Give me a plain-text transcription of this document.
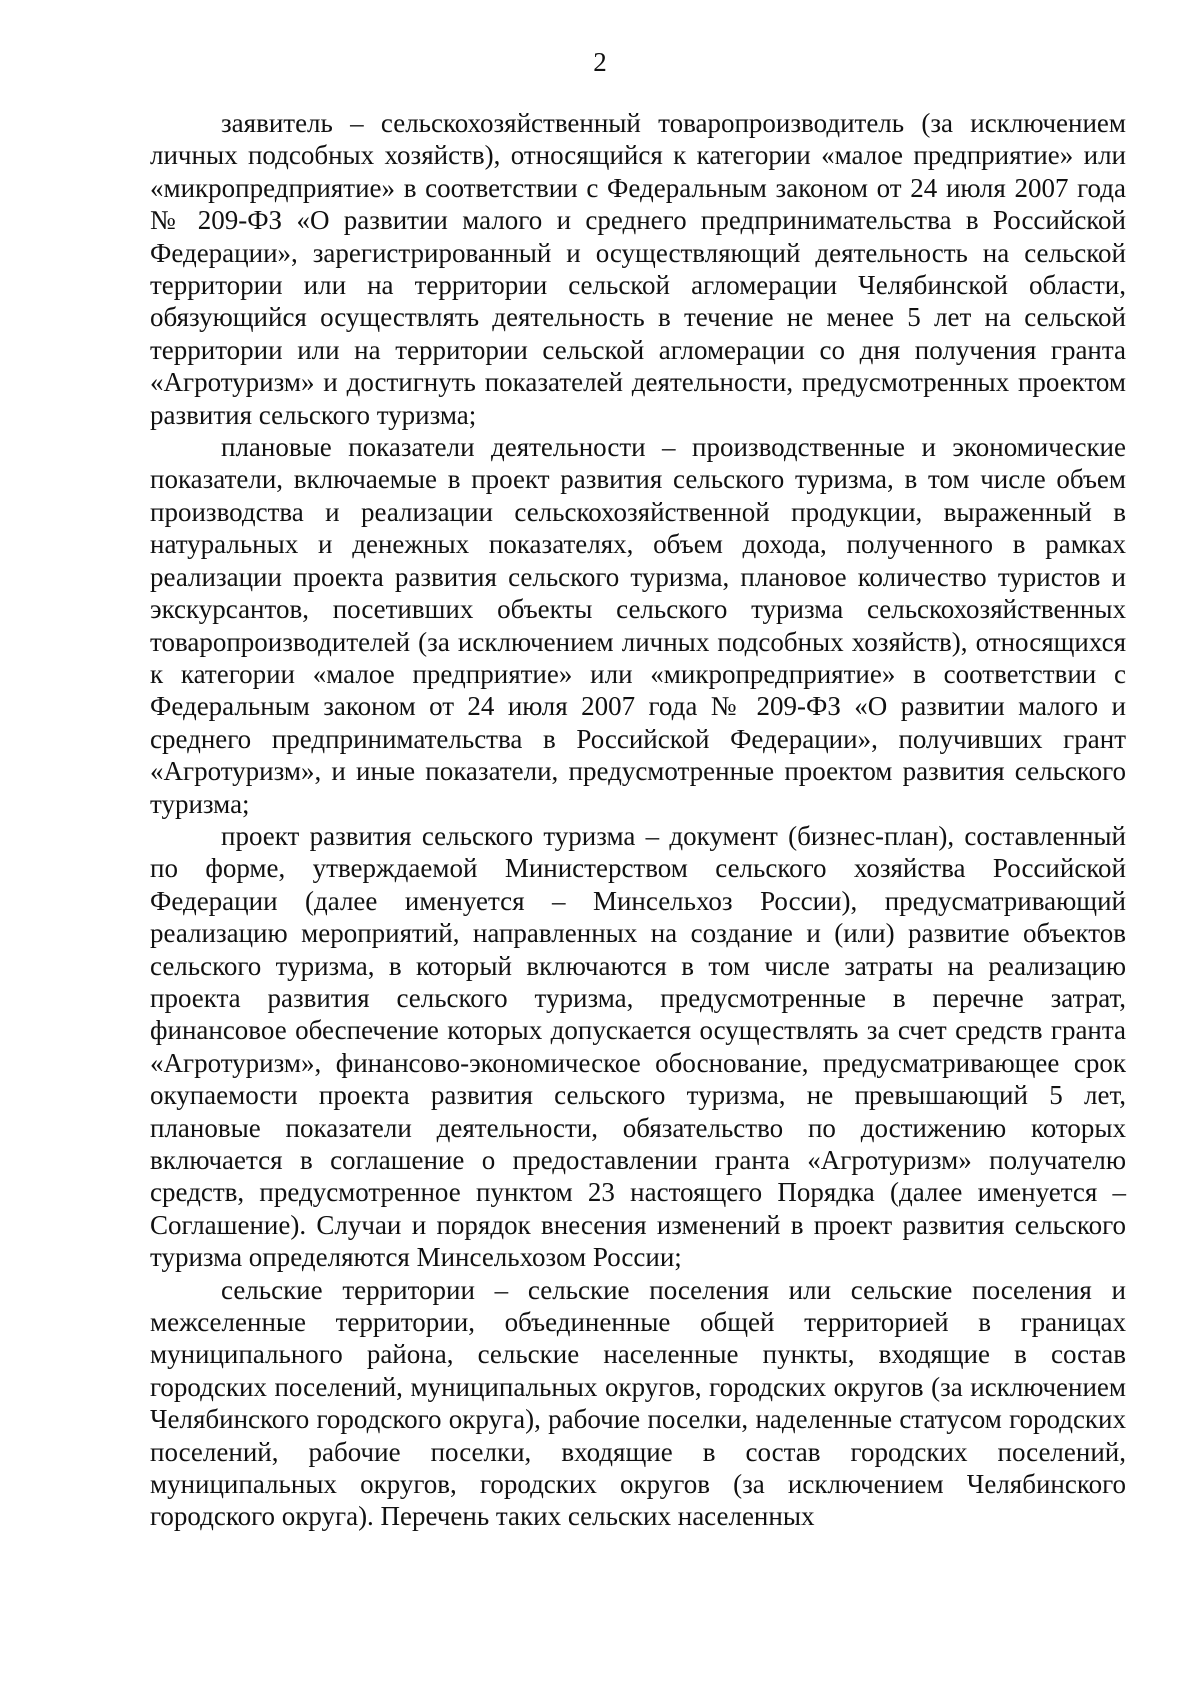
2

заявитель – сельскохозяйственный товаропроизводитель (за исключением личных подсобных хозяйств), относящийся к категории «малое предприятие» или «микропредприятие» в соответствии с Федеральным законом от 24 июля 2007 года № 209-ФЗ «О развитии малого и среднего предпринимательства в Российской Федерации», зарегистрированный и осуществляющий деятельность на сельской территории или на территории сельской агломерации Челябинской области, обязующийся осуществлять деятельность в течение не менее 5 лет на сельской территории или на территории сельской агломерации со дня получения гранта «Агротуризм» и достигнуть показателей деятельности, предусмотренных проектом развития сельского туризма;

плановые показатели деятельности – производственные и экономические показатели, включаемые в проект развития сельского туризма, в том числе объем производства и реализации сельскохозяйственной продукции, выраженный в натуральных и денежных показателях, объем дохода, полученного в рамках реализации проекта развития сельского туризма, плановое количество туристов и экскурсантов, посетивших объекты сельского туризма сельскохозяйственных товаропроизводителей (за исключением личных подсобных хозяйств), относящихся к категории «малое предприятие» или «микропредприятие» в соответствии с Федеральным законом от 24 июля 2007 года № 209-ФЗ «О развитии малого и среднего предпринимательства в Российской Федерации», получивших грант «Агротуризм», и иные показатели, предусмотренные проектом развития сельского туризма;

проект развития сельского туризма – документ (бизнес-план), составленный по форме, утверждаемой Министерством сельского хозяйства Российской Федерации (далее именуется – Минсельхоз России), предусматривающий реализацию мероприятий, направленных на создание и (или) развитие объектов сельского туризма, в который включаются в том числе затраты на реализацию проекта развития сельского туризма, предусмотренные в перечне затрат, финансовое обеспечение которых допускается осуществлять за счет средств гранта «Агротуризм», финансово-экономическое обоснование, предусматривающее срок окупаемости проекта развития сельского туризма, не превышающий 5 лет, плановые показатели деятельности, обязательство по достижению которых включается в соглашение о предоставлении гранта «Агротуризм» получателю средств, предусмотренное пунктом 23 настоящего Порядка (далее именуется – Соглашение). Случаи и порядок внесения изменений в проект развития сельского туризма определяются Минсельхозом России;

сельские территории – сельские поселения или сельские поселения и межселенные территории, объединенные общей территорией в границах муниципального района, сельские населенные пункты, входящие в состав городских поселений, муниципальных округов, городских округов (за исключением Челябинского городского округа), рабочие поселки, наделенные статусом городских поселений, рабочие поселки, входящие в состав городских поселений, муниципальных округов, городских округов (за исключением Челябинского городского округа). Перечень таких сельских населенных
